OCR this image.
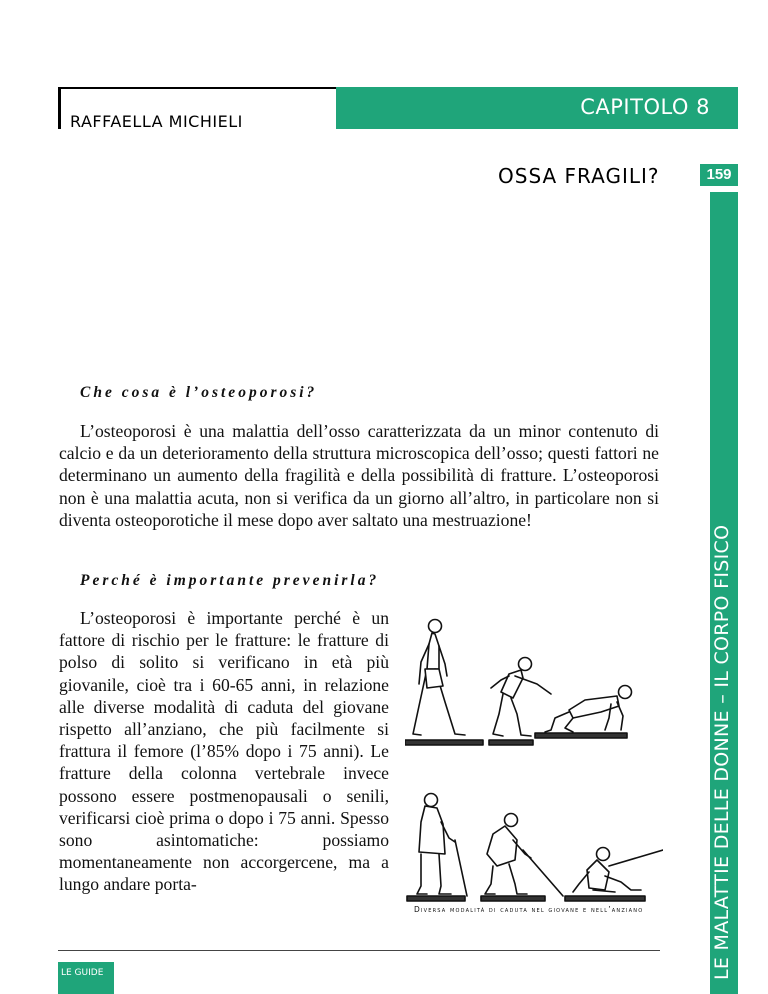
RAFFAELLA MICHIELI
CAPITOLO 8
OSSA FRAGILI?	159
LE MALATTIE DELLE DONNE – IL CORPO FISICO
Che cosa è l’osteoporosi?

L’osteoporosi è una malattia dell’osso caratterizzata da un minor contenuto di calcio e da un deterioramento della struttura microscopica dell’osso; questi fattori ne determinano un aumento della fragilità e della possibilità di fratture. L’osteoporosi non è una malattia acuta, non si verifica da un giorno all’altro, in particolare non si diventa osteoporotiche il mese dopo aver saltato una mestruazione!

Perché è importante prevenirla?

L’osteoporosi è importante perché è un fattore di rischio per le fratture: le fratture di polso di solito si verificano in età più giovanile, cioè tra i 60-65 anni, in relazione alle diverse modalità di caduta del giovane rispetto all’anziano, che più facilmente si frattura il femore (l’85% dopo i 75 anni). Le fratture della colonna vertebrale invece possono essere postmenopausali o senili, verificarsi cioè prima o dopo i 75 anni. Spesso sono asintomatiche: possiamo momentaneamente non accorgercene, ma a lungo andare porta-

Diversa modalità di caduta nel giovane e nell’anziano
LE GUIDE
